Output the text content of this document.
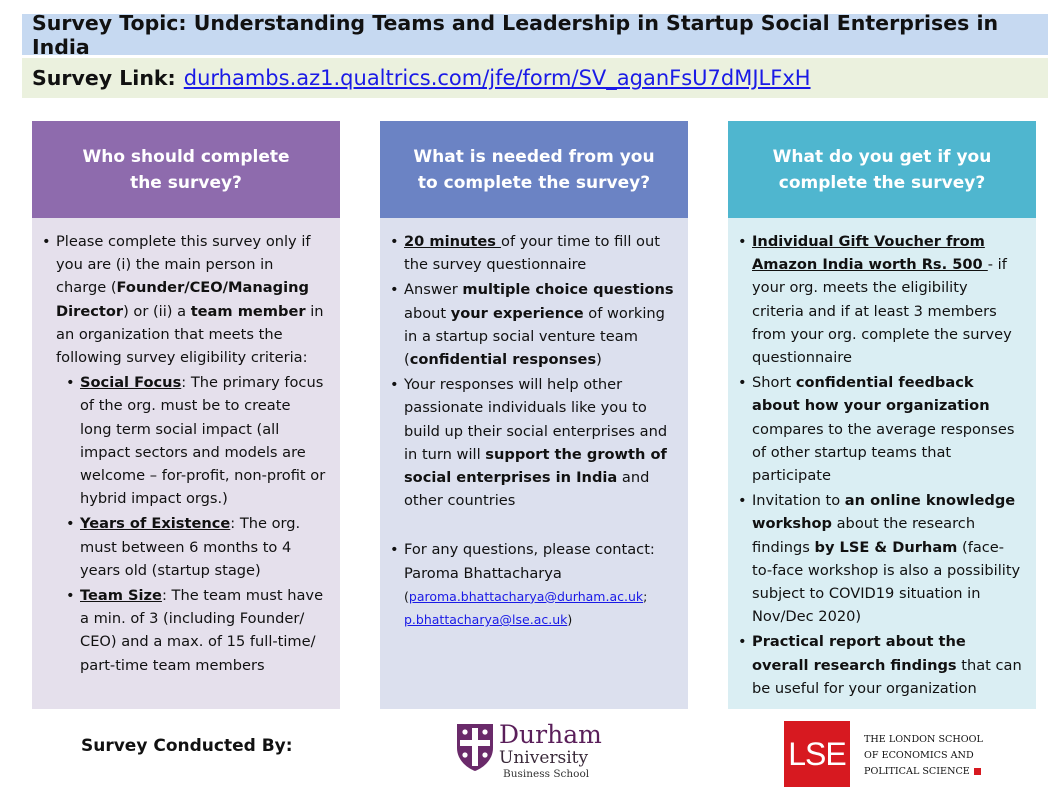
Survey Topic: Understanding Teams and Leadership in Startup Social Enterprises in India
Survey Link: durhambs.az1.qualtrics.com/jfe/form/SV_aganFsU7dMJLFxH
Who should complete
the survey?
• Please complete this survey only if you are (i) the main person in charge (Founder/CEO/Managing Director) or (ii) a team member in an organization that meets the following survey eligibility criteria:
• Social Focus: The primary focus of the org. must be to create long term social impact (all impact sectors and models are welcome – for-profit, non-profit or hybrid impact orgs.)
• Years of Existence: The org. must between 6 months to 4 years old (startup stage)
• Team Size: The team must have a min. of 3 (including Founder/ CEO) and a max. of 15 full-time/ part-time team members
What is needed from you
to complete the survey?
• 20 minutes of your time to fill out the survey questionnaire
• Answer multiple choice questions about your experience of working in a startup social venture team (confidential responses)
• Your responses will help other passionate individuals like you to build up their social enterprises and in turn will support the growth of social enterprises in India and other countries
• For any questions, please contact: Paroma Bhattacharya
(paroma.bhattacharya@durham.ac.uk;
p.bhattacharya@lse.ac.uk)
What do you get if you
complete the survey?
• Individual Gift Voucher from Amazon India worth Rs. 500 - if your org. meets the eligibility criteria and if at least 3 members from your org. complete the survey questionnaire
• Short confidential feedback about how your organization compares to the average responses of other startup teams that participate
• Invitation to an online knowledge workshop about the research findings by LSE & Durham (face-to-face workshop is also a possibility subject to COVID19 situation in Nov/Dec 2020)
• Practical report about the overall research findings that can be useful for your organization
Survey Conducted By:	Durham
University
Business School
LSE	THE LONDON SCHOOL
OF ECONOMICS AND
POLITICAL SCIENCE
